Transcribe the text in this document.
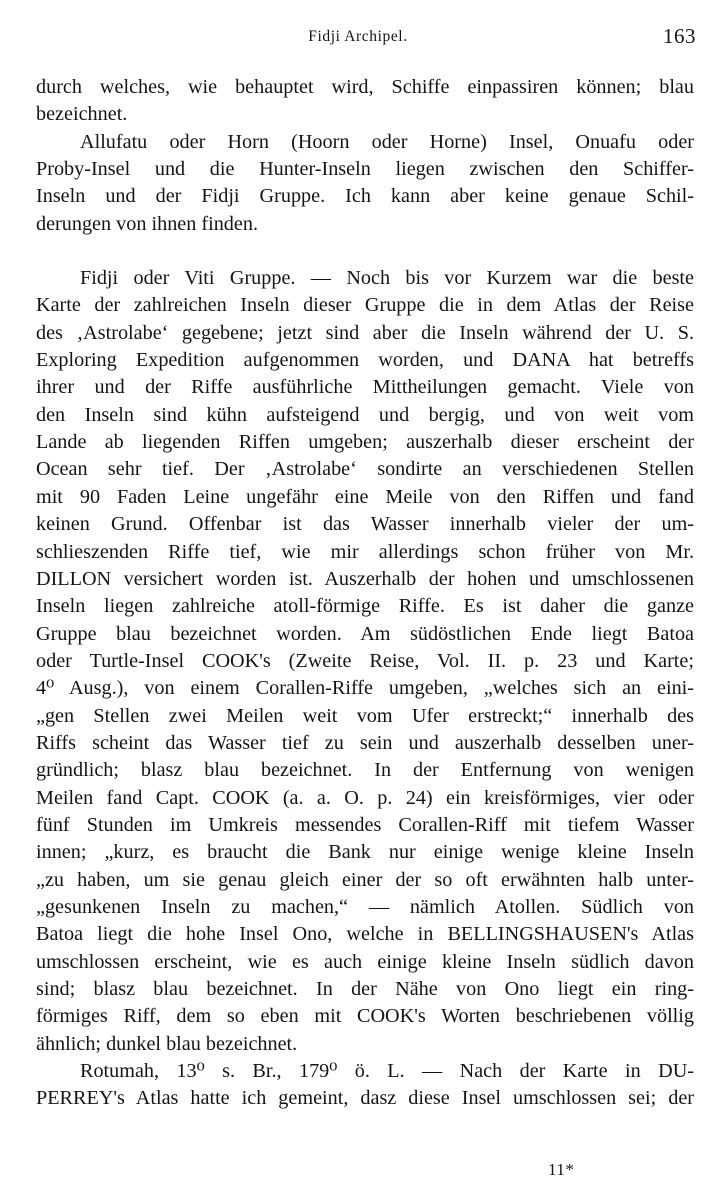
Fidji Archipel.	163
durch welches, wie behauptet wird, Schiffe einpassiren können; blau
bezeichnet.
Allufatu oder Horn (Hoorn oder Horne) Insel, Onuafu oder
Proby-Insel und die Hunter-Inseln liegen zwischen den Schiffer-
Inseln und der Fidji Gruppe. Ich kann aber keine genaue Schil-
derungen von ihnen finden.
Fidji oder Viti Gruppe. — Noch bis vor Kurzem war die beste
Karte der zahlreichen Inseln dieser Gruppe die in dem Atlas der Reise
des ‚Astrolabe‘ gegebene; jetzt sind aber die Inseln während der U. S.
Exploring Expedition aufgenommen worden, und DANA hat betreffs
ihrer und der Riffe ausführliche Mittheilungen gemacht. Viele von
den Inseln sind kühn aufsteigend und bergig, und von weit vom
Lande ab liegenden Riffen umgeben; auszerhalb dieser erscheint der
Ocean sehr tief. Der ‚Astrolabe‘ sondirte an verschiedenen Stellen
mit 90 Faden Leine ungefähr eine Meile von den Riffen und fand
keinen Grund. Offenbar ist das Wasser innerhalb vieler der um-
schlieszenden Riffe tief, wie mir allerdings schon früher von Mr.
DILLON versichert worden ist. Auszerhalb der hohen und umschlossenen
Inseln liegen zahlreiche atoll-förmige Riffe. Es ist daher die ganze
Gruppe blau bezeichnet worden. Am südöstlichen Ende liegt Batoa
oder Turtle-Insel COOK's (Zweite Reise, Vol. II. p. 23 und Karte;
4⁰ Ausg.), von einem Corallen-Riffe umgeben, „welches sich an eini-
„gen Stellen zwei Meilen weit vom Ufer erstreckt;“ innerhalb des
Riffs scheint das Wasser tief zu sein und auszerhalb desselben uner-
gründlich; blasz blau bezeichnet. In der Entfernung von wenigen
Meilen fand Capt. COOK (a. a. O. p. 24) ein kreisförmiges, vier oder
fünf Stunden im Umkreis messendes Corallen-Riff mit tiefem Wasser
innen; „kurz, es braucht die Bank nur einige wenige kleine Inseln
„zu haben, um sie genau gleich einer der so oft erwähnten halb unter-
„gesunkenen Inseln zu machen,“ — nämlich Atollen. Südlich von
Batoa liegt die hohe Insel Ono, welche in BELLINGSHAUSEN's Atlas
umschlossen erscheint, wie es auch einige kleine Inseln südlich davon
sind; blasz blau bezeichnet. In der Nähe von Ono liegt ein ring-
förmiges Riff, dem so eben mit COOK's Worten beschriebenen völlig
ähnlich; dunkel blau bezeichnet.
Rotumah, 13⁰ s. Br., 179⁰ ö. L. — Nach der Karte in DU-
PERREY's Atlas hatte ich gemeint, dasz diese Insel umschlossen sei; der
11*
